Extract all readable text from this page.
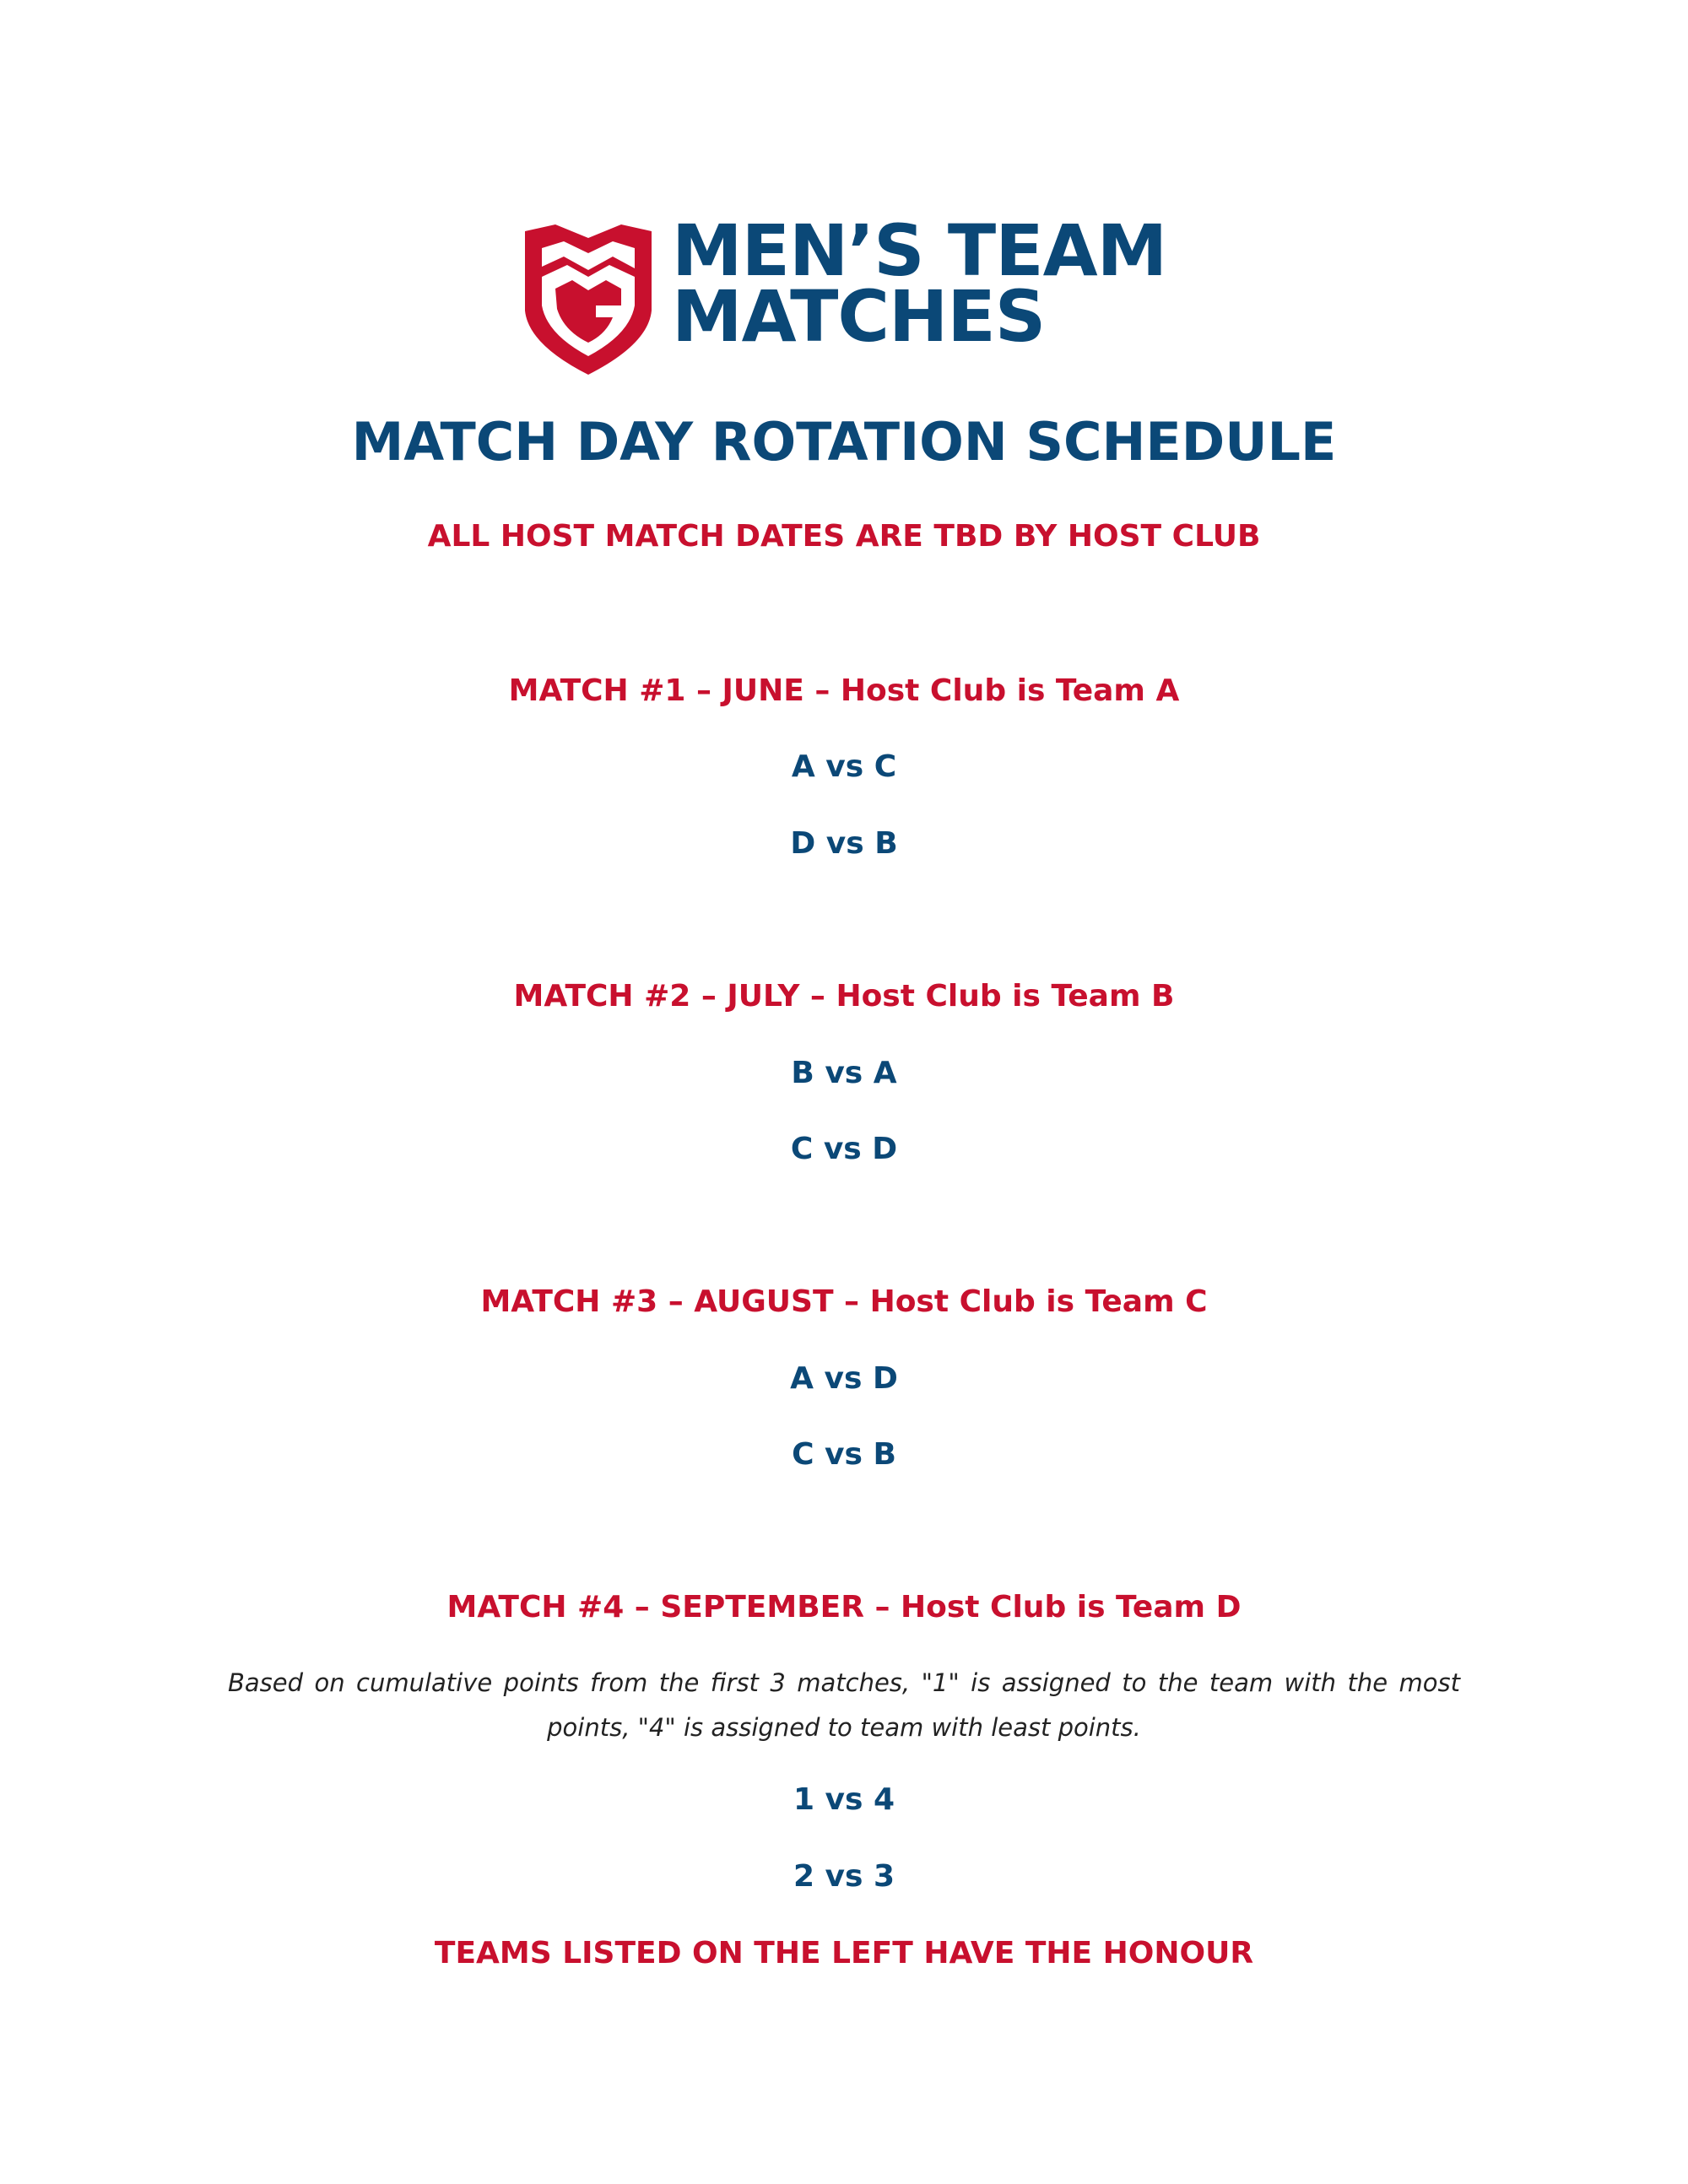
MEN’S TEAM
MATCHES
MATCH DAY ROTATION SCHEDULE
ALL HOST MATCH DATES ARE TBD BY HOST CLUB
MATCH #1 – JUNE – Host Club is Team A
A vs C
D vs B
MATCH #2 – JULY – Host Club is Team B
B vs A
C vs D
MATCH #3 – AUGUST – Host Club is Team C
A vs D
C vs B
MATCH #4 – SEPTEMBER – Host Club is Team D
Based on cumulative points from the first 3 matches, "1" is assigned to the team with the most points, "4" is assigned to team with least points.
1 vs 4
2 vs 3
TEAMS LISTED ON THE LEFT HAVE THE HONOUR
